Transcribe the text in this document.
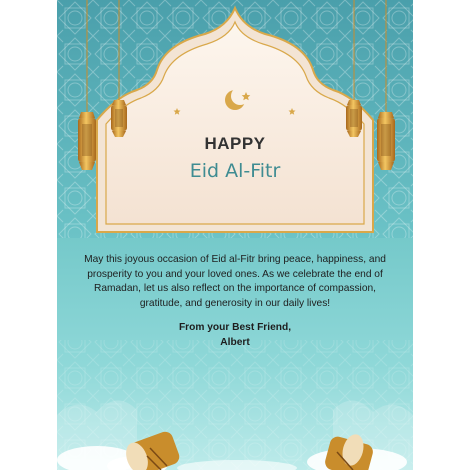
HAPPY
Eid Al-Fitr
May this joyous occasion of Eid al-Fitr bring peace, happiness, and prosperity to you and your loved ones. As we celebrate the end of Ramadan, let us also reflect on the importance of compassion, gratitude, and generosity in our daily lives!
From your Best Friend,
Albert
